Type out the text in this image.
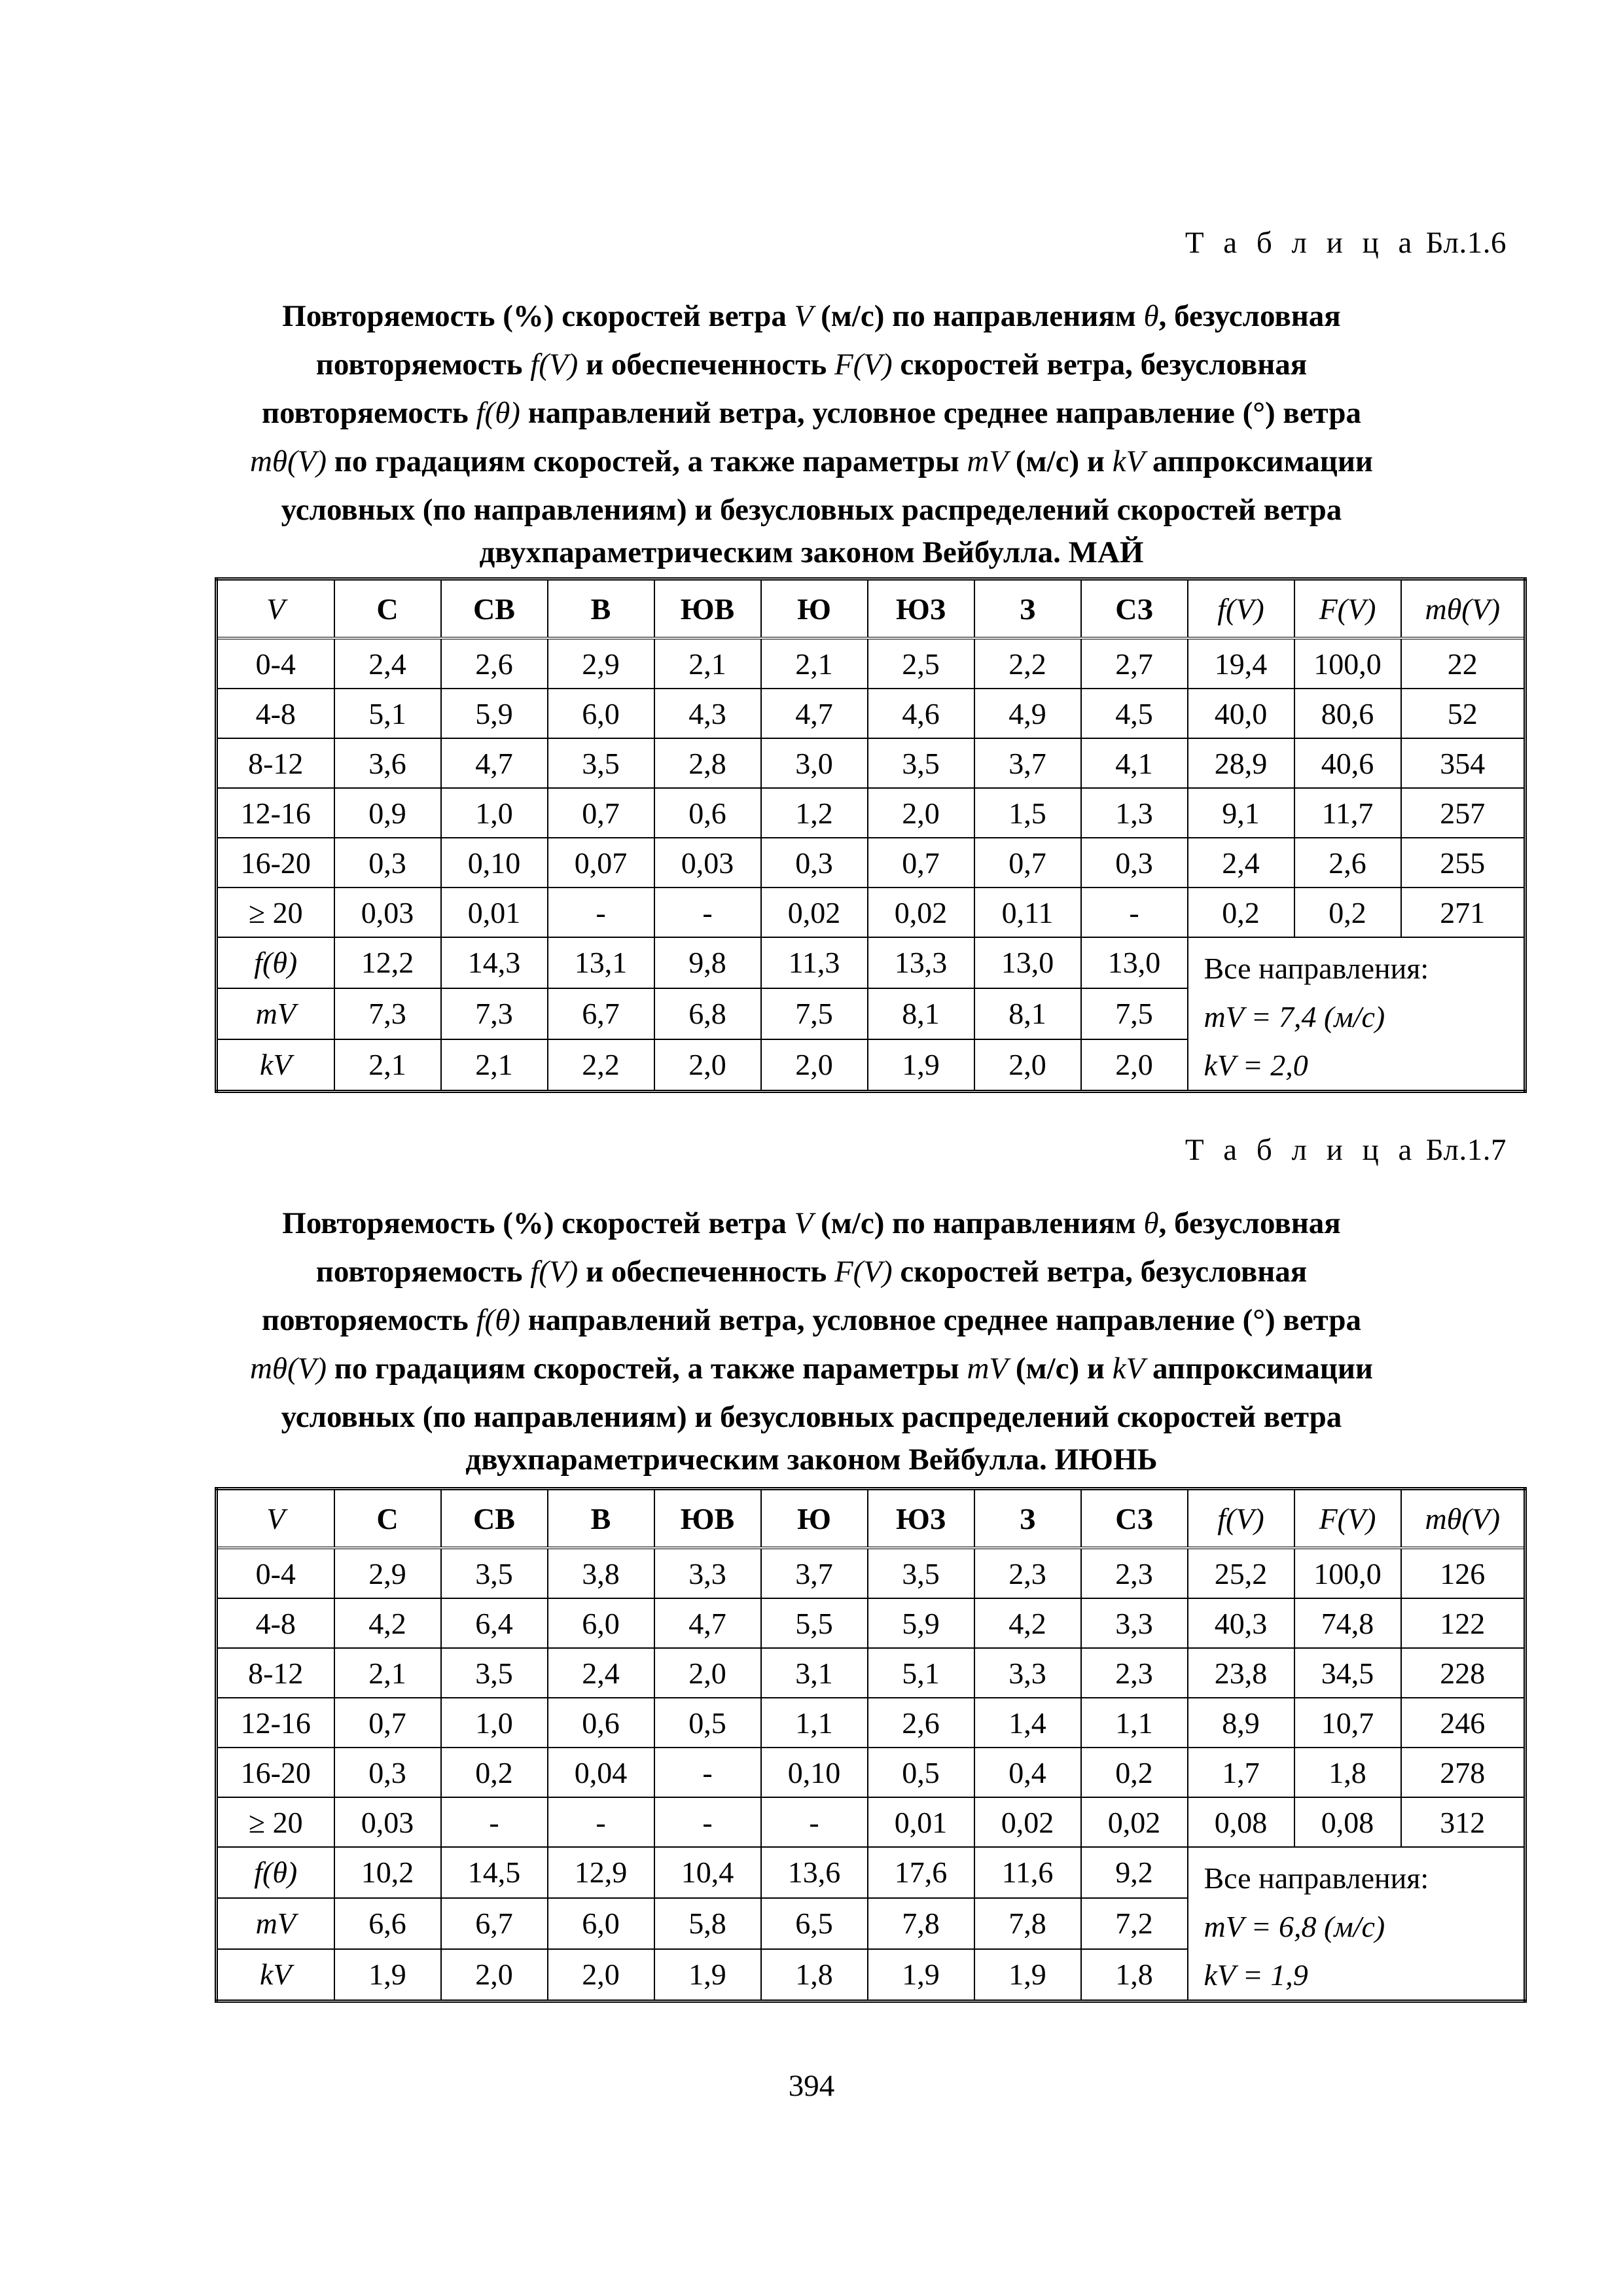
Т а б л и ц а Бл.1.6
Повторяемость (%) скоростей ветра V (м/с) по направлениям θ, безусловная
повторяемость f(V) и обеспеченность F(V) скоростей ветра, безусловная
повторяемость f(θ) направлений ветра, условное среднее направление (°) ветра
mθ(V) по градациям скоростей, а также параметры mV (м/с) и kV аппроксимации
условных (по направлениям) и безусловных распределений скоростей ветра
двухпараметрическим законом Вейбулла. МАЙ
V	С	СВ	В	ЮВ	Ю	ЮЗ	З	СЗ	f(V)	F(V)	mθ(V)
0-4	2,4	2,6	2,9	2,1	2,1	2,5	2,2	2,7	19,4	100,0	22
4-8	5,1	5,9	6,0	4,3	4,7	4,6	4,9	4,5	40,0	80,6	52
8-12	3,6	4,7	3,5	2,8	3,0	3,5	3,7	4,1	28,9	40,6	354
12-16	0,9	1,0	0,7	0,6	1,2	2,0	1,5	1,3	9,1	11,7	257
16-20	0,3	0,10	0,07	0,03	0,3	0,7	0,7	0,3	2,4	2,6	255
≥ 20	0,03	0,01	-	-	0,02	0,02	0,11	-	0,2	0,2	271
f(θ)	12,2	14,3	13,1	9,8	11,3	13,3	13,0	13,0	Все направления:
mV = 7,4 (м/с)
kV = 2,0		

mV	7,3	7,3	6,7	6,8	7,5	8,1	8,1	7,5			
kV	2,1	2,1	2,2	2,0	2,0	1,9	2,0	2,0			
Т а б л и ц а Бл.1.7
Повторяемость (%) скоростей ветра V (м/с) по направлениям θ, безусловная
повторяемость f(V) и обеспеченность F(V) скоростей ветра, безусловная
повторяемость f(θ) направлений ветра, условное среднее направление (°) ветра
mθ(V) по градациям скоростей, а также параметры mV (м/с) и kV аппроксимации
условных (по направлениям) и безусловных распределений скоростей ветра
двухпараметрическим законом Вейбулла. ИЮНЬ
V	С	СВ	В	ЮВ	Ю	ЮЗ	З	СЗ	f(V)	F(V)	mθ(V)
0-4	2,9	3,5	3,8	3,3	3,7	3,5	2,3	2,3	25,2	100,0	126
4-8	4,2	6,4	6,0	4,7	5,5	5,9	4,2	3,3	40,3	74,8	122
8-12	2,1	3,5	2,4	2,0	3,1	5,1	3,3	2,3	23,8	34,5	228
12-16	0,7	1,0	0,6	0,5	1,1	2,6	1,4	1,1	8,9	10,7	246
16-20	0,3	0,2	0,04	-	0,10	0,5	0,4	0,2	1,7	1,8	278
≥ 20	0,03	-	-	-	-	0,01	0,02	0,02	0,08	0,08	312
f(θ)	10,2	14,5	12,9	10,4	13,6	17,6	11,6	9,2	Все направления:
mV = 6,8 (м/с)
kV = 1,9		

mV	6,6	6,7	6,0	5,8	6,5	7,8	7,8	7,2			
kV	1,9	2,0	2,0	1,9	1,8	1,9	1,9	1,8			
394
